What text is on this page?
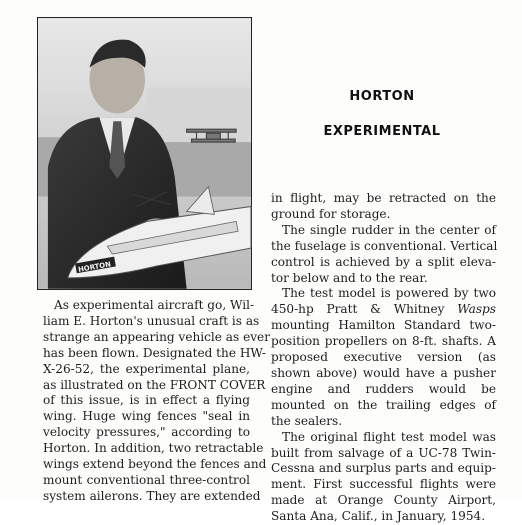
HORTON
HORTON
EXPERIMENTAL
As experimental aircraft go, Wil-
liam E. Horton's unusual craft is as
strange an appearing vehicle as ever
has been flown. Designated the HW-
X-26-52, the experimental plane,
as illustrated on the FRONT COVER
of this issue, is in effect a flying
wing. Huge wing fences "seal in
velocity pressures," according to
Horton. In addition, two retractable
wings extend beyond the fences and
mount conventional three-control
system ailerons. They are extended
in flight, may be retracted on the
ground for storage.
The single rudder in the center of
the fuselage is conventional. Vertical
control is achieved by a split eleva-
tor below and to the rear.
The test model is powered by two
450-hp Pratt & Whitney Wasps
mounting Hamilton Standard two-
position propellers on 8-ft. shafts. A
proposed executive version (as
shown above) would have a pusher
engine and rudders would be
mounted on the trailing edges of
the sealers.
The original flight test model was
built from salvage of a UC-78 Twin-
Cessna and surplus parts and equip-
ment. First successful flights were
made at Orange County Airport,
Santa Ana, Calif., in January, 1954.
